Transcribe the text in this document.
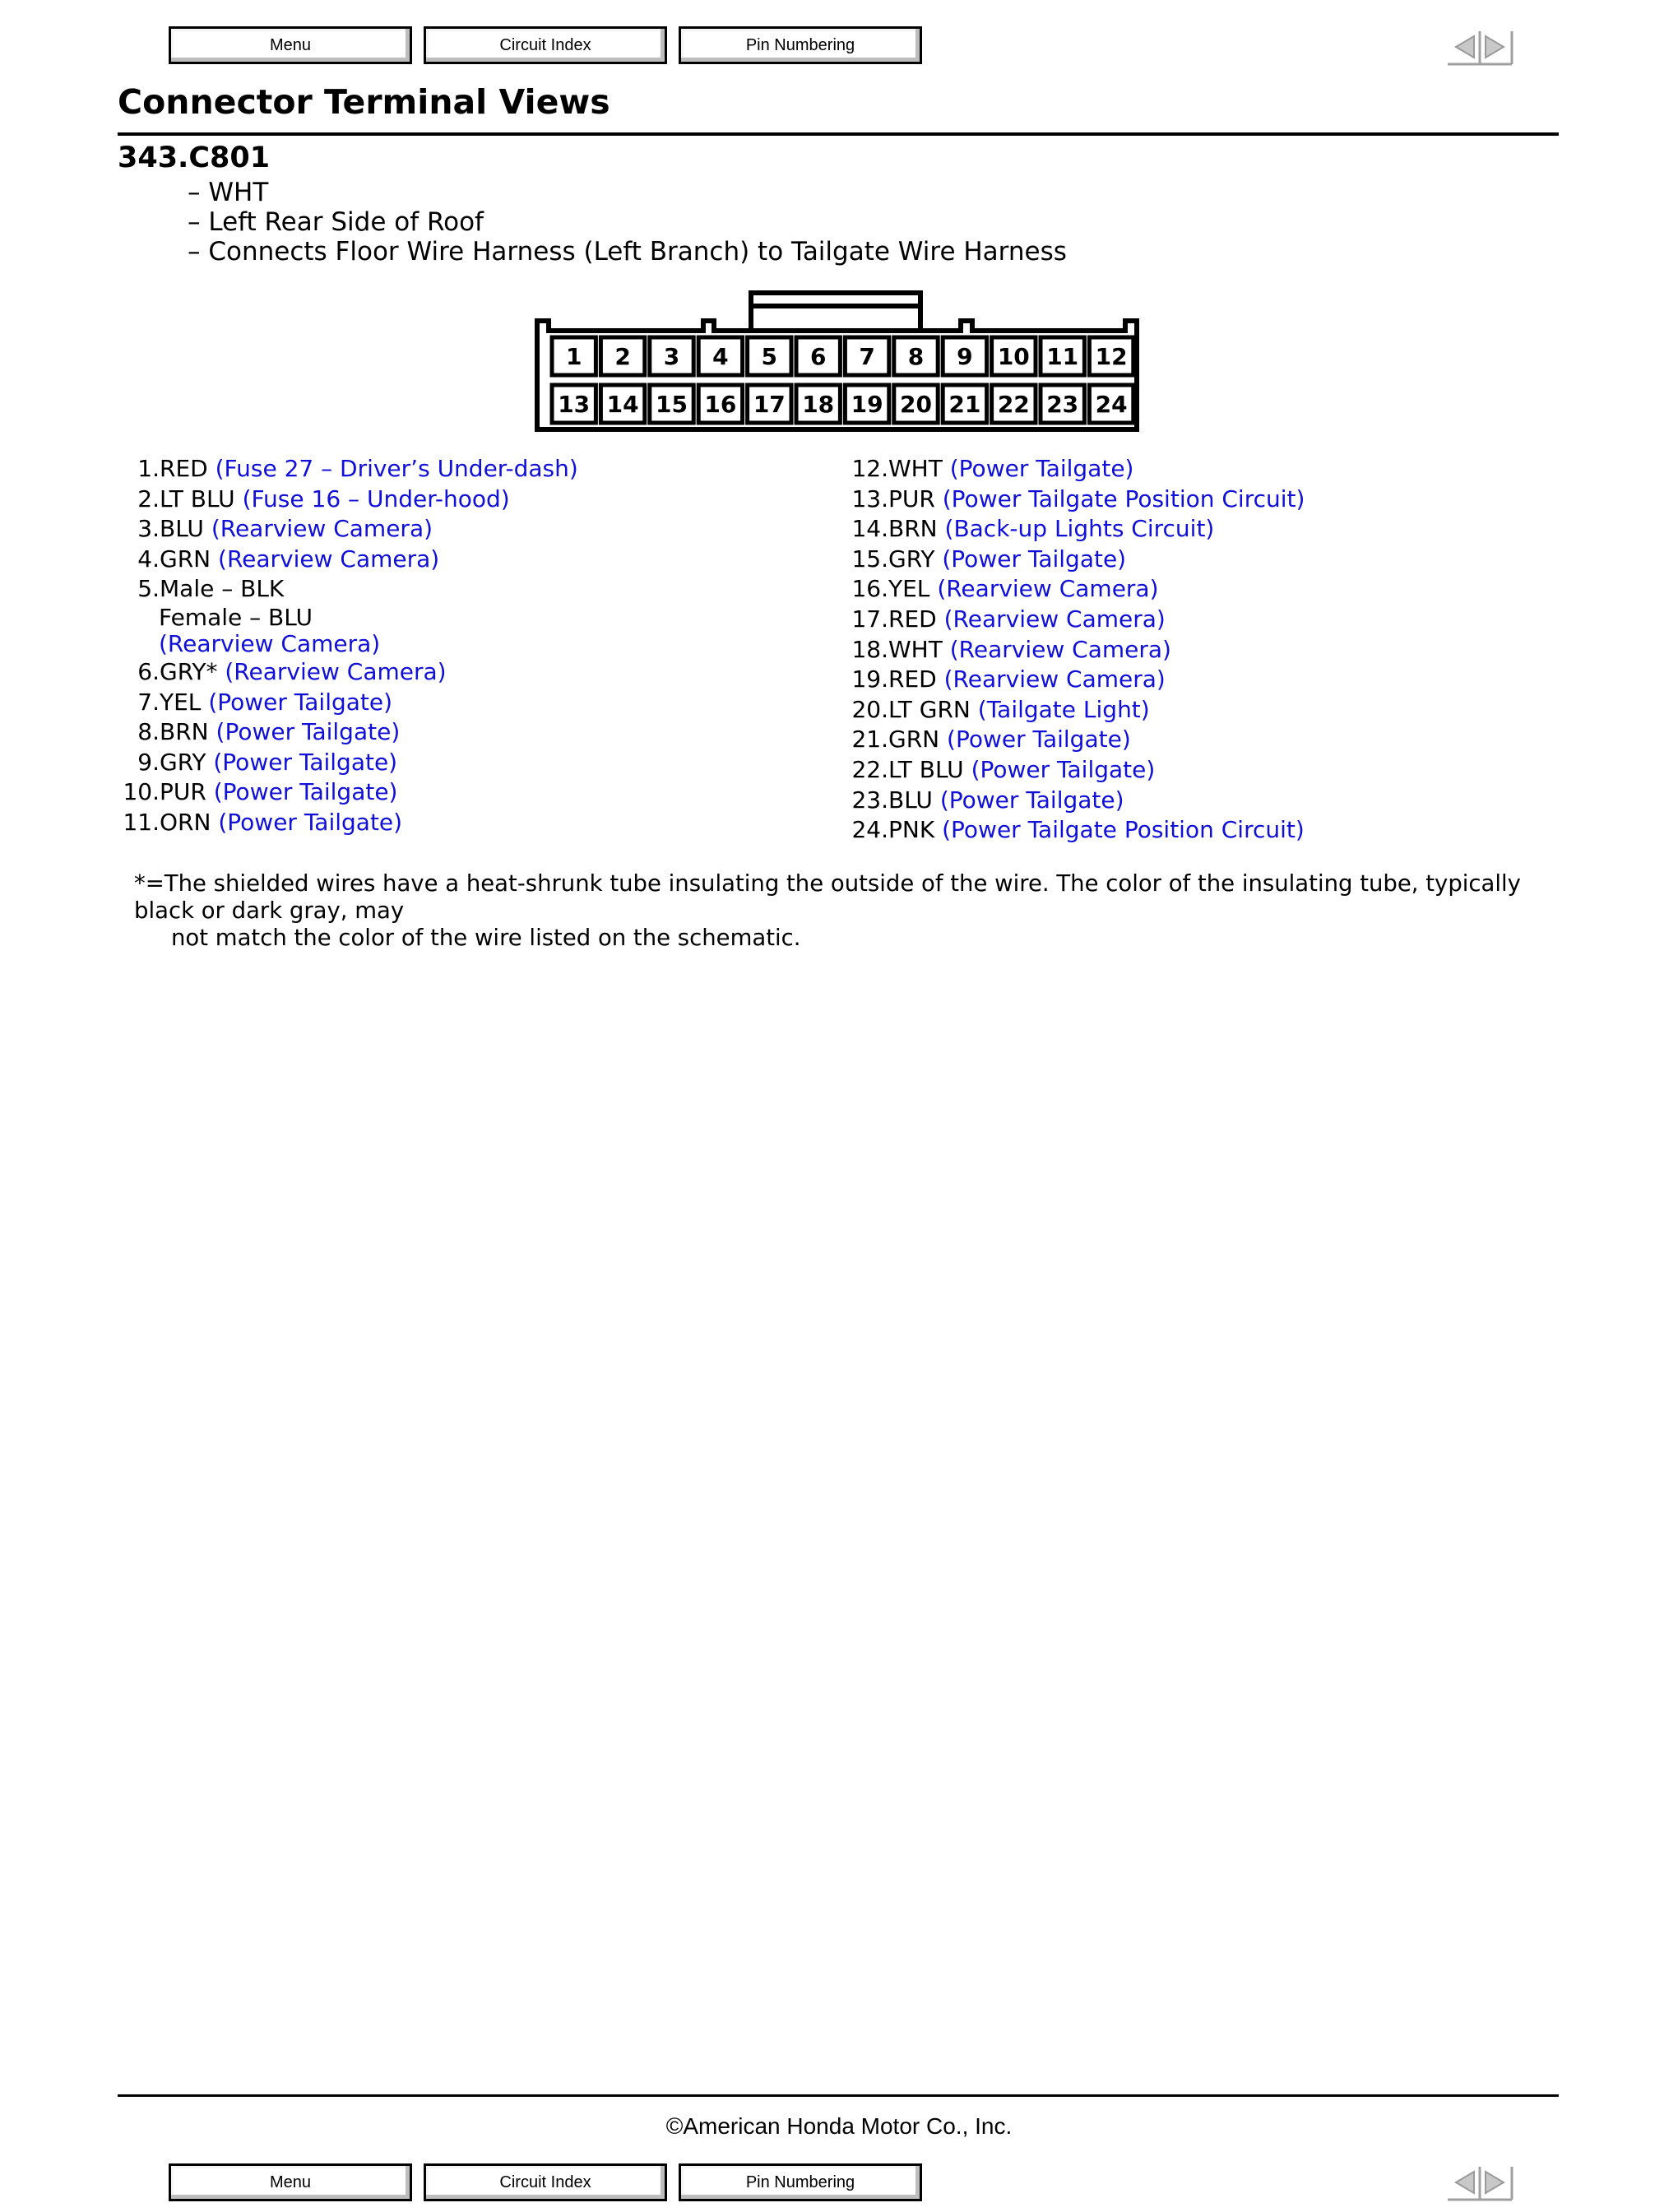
Menu	Circuit Index	Pin Numbering
Connector Terminal Views
343.C801
– WHT
– Left Rear Side of Roof
– Connects Floor Wire Harness (Left Branch) to Tailgate Wire Harness
1 2 3 4 5 6 7 8 9 10 11 12
13 14 15 16 17 18 19 20 21 22 23 24
1.RED (Fuse 27 – Driver’s Under-dash)
2.LT BLU (Fuse 16 – Under-hood)
3.BLU (Rearview Camera)
4.GRN (Rearview Camera)
5.Male – BLK
Female – BLU
(Rearview Camera)
6.GRY* (Rearview Camera)
7.YEL (Power Tailgate)
8.BRN (Power Tailgate)
9.GRY (Power Tailgate)
10.PUR (Power Tailgate)
11.ORN (Power Tailgate)
12.WHT (Power Tailgate)
13.PUR (Power Tailgate Position Circuit)
14.BRN (Back-up Lights Circuit)
15.GRY (Power Tailgate)
16.YEL (Rearview Camera)
17.RED (Rearview Camera)
18.WHT (Rearview Camera)
19.RED (Rearview Camera)
20.LT GRN (Tailgate Light)
21.GRN (Power Tailgate)
22.LT BLU (Power Tailgate)
23.BLU (Power Tailgate)
24.PNK (Power Tailgate Position Circuit)

*=The shielded wires have a heat-shrunk tube insulating the outside of the wire. The color of the insulating tube, typically black or dark gray, may
not match the color of the wire listed on the schematic.

©American Honda Motor Co., Inc.
Menu	Circuit Index	Pin Numbering
